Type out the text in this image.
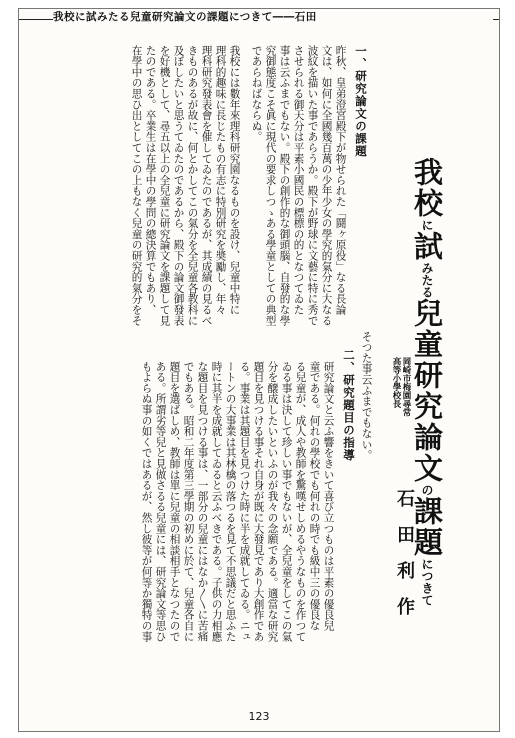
我校に試みたる兒童研究論文の課題につきて――石田
我校に試みたる兒童研究論文の課題につきて
岡崎市梅園尋常
高等小學校長
石田利作
そつた事云ふまでもない。
二、研究題目の指導
研究論文と云ふ響をきいて喜び立つものは平素の優良兒
童である。何れの學校でも何れの時でも級中三の優良な
る兒童が、成人や教師を驚嘆せしめるやうなものを作つて
ゐる事は決して珍しい事でもないが、全兒童をしてこの氣
分を醸成したいといふのが我々の念願である。適當な研究
題目を見つける事それ自身が既に大發見であり大創作であ
る。事業は其題目を見つけた時に半を成就してゐる。ニュ
ートンの大事業は其林檎の落つるを見て不思議だと思ふた
時に其半を成就してゐると云ふべきである。子供の力相應
な題目を見つける事は、一部分の兒童にはなか〳〵に苦痛
でもある。昭和二年度第三學期の初めに於て、兒童各自に
題目を選ばしめ、教師は單に兒童の相談相手となつたので
ある。所謂劣等兒と見做さるる兒童には、研究論文等思ひ
もよらぬ事の如くではあるが、然し彼等が何等か獨特の事
一、研究論文の課題
昨秋、皇弟澄宮殿下が物せられた「鬪ヶ原役」なる長論
文は、如何に全國幾百萬の少年少女の學究的氣分に大なる
波紋を描いた事であらうか。殿下が野球に文藝に特に秀で
させられる御天分は平素小國民の標標の的となつてゐた
事は云ふまでもない。殿下の創作的な御頭腦、自發的な學
究御態度こそ眞に現代の要求しつゝある學童としての典型
であらねばならぬ。
我校には數年來理科研究園なるものを設け、兒童中特に
理科的趣味に長じたもの有志に特別研究を奬勵し、年々
理科研究發表會を催してゐたのであるが、其成績の見るべ
きものあるが故に、何とかしてこの氣分を全兒童各教科に
及ぼしたいと思うてゐたのであるから、殿下の論文御發表
を好機として、尋五以上の全兒童に研究論文を課題して見
たのである。卒業生は在學中の學問の總決算でもあり、
在學中の思ひ出としてこの上もなく兒童の研究的氣分をそ
123
